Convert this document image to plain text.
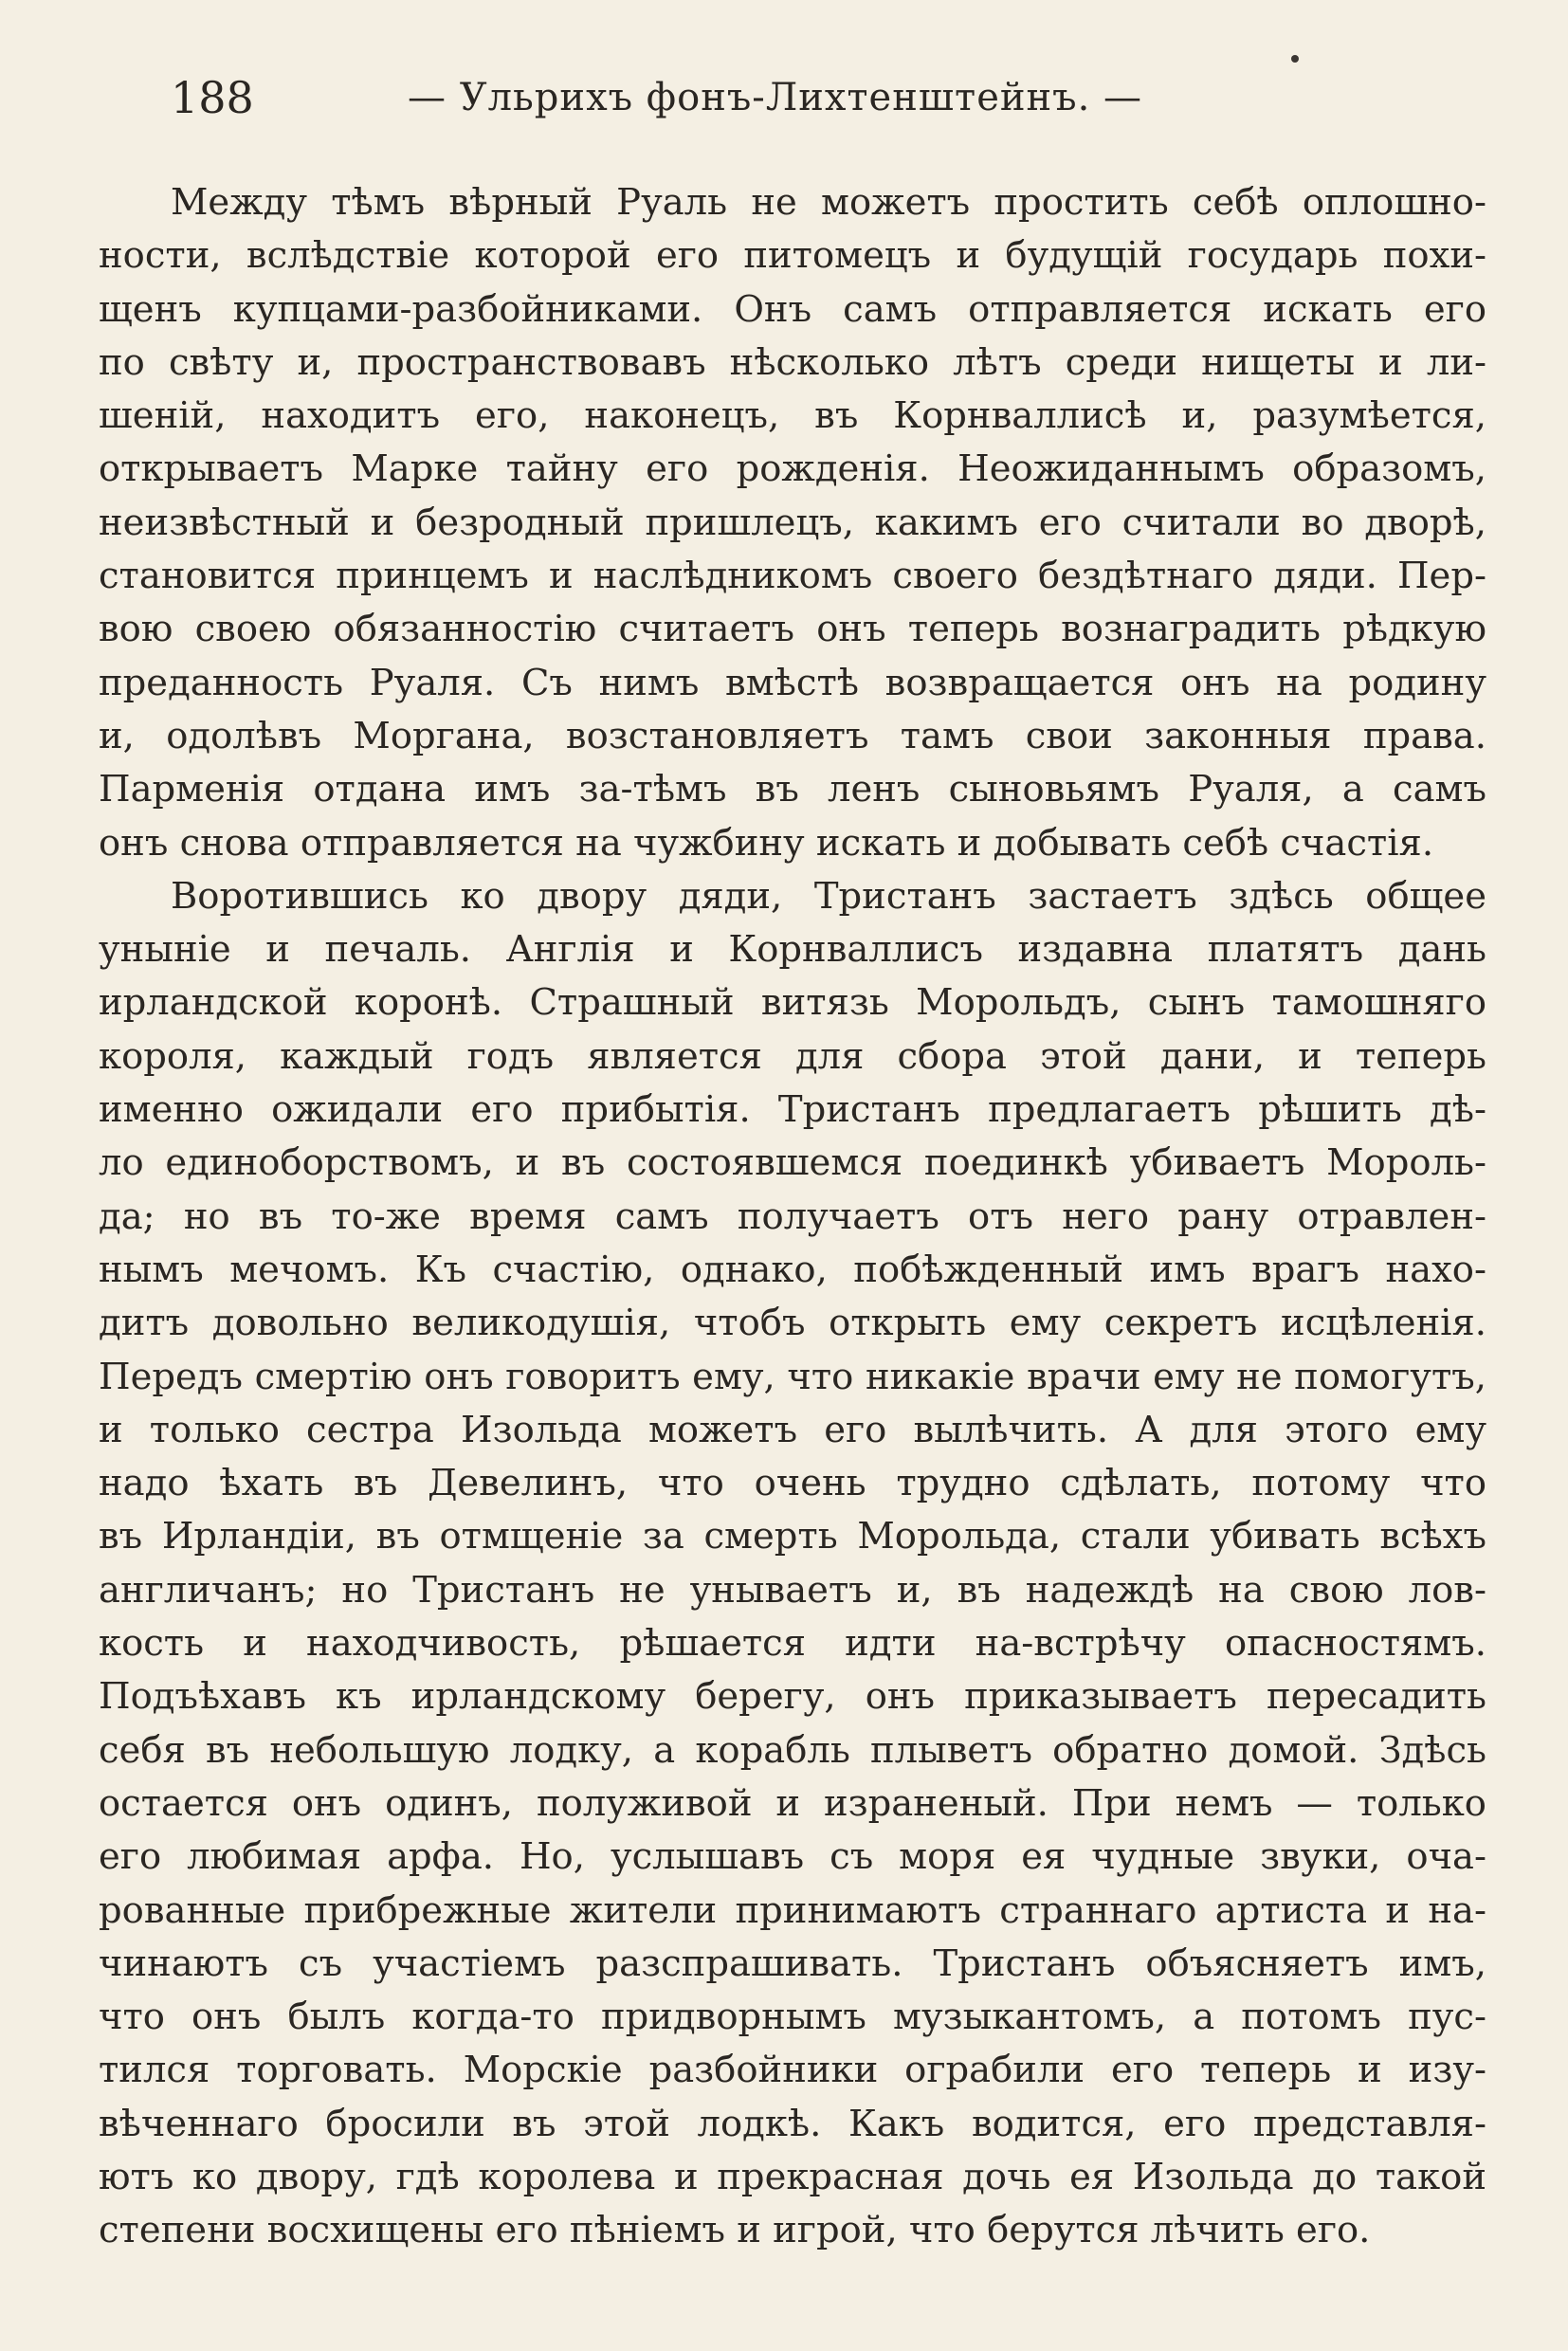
188	— Ульрихъ фонъ-Лихтенштейнъ. —
Между тѣмъ вѣрный Руаль не можетъ простить себѣ оплошно-
ности, вслѣдствіе которой его питомецъ и будущій государь похи-
щенъ купцами-разбойниками. Онъ самъ отправляется искать его
по свѣту и, пространствовавъ нѣсколько лѣтъ среди нищеты и ли-
шеній, находитъ его, наконецъ, въ Корнваллисѣ и, разумѣется,
открываетъ Марке тайну его рожденія. Неожиданнымъ образомъ,
неизвѣстный и безродный пришлецъ, какимъ его считали во дворѣ,
становится принцемъ и наслѣдникомъ своего бездѣтнаго дяди. Пер-
вою своею обязанностію считаетъ онъ теперь вознаградить рѣдкую
преданность Руаля. Съ нимъ вмѣстѣ возвращается онъ на родину
и, одолѣвъ Моргана, возстановляетъ тамъ свои законныя права.
Парменія отдана имъ за-тѣмъ въ ленъ сыновьямъ Руаля, а самъ
онъ снова отправляется на чужбину искать и добывать себѣ счастія.
Воротившись ко двору дяди, Тристанъ застаетъ здѣсь общее
уныніе и печаль. Англія и Корнваллисъ издавна платятъ дань
ирландской коронѣ. Страшный витязь Морольдъ, сынъ тамошняго
короля, каждый годъ является для сбора этой дани, и теперь
именно ожидали его прибытія. Тристанъ предлагаетъ рѣшить дѣ-
ло единоборствомъ, и въ состоявшемся поединкѣ убиваетъ Мороль-
да; но въ то-же время самъ получаетъ отъ него рану отравлен-
нымъ мечомъ. Къ счастію, однако, побѣжденный имъ врагъ нахо-
дитъ довольно великодушія, чтобъ открыть ему секретъ исцѣленія.
Передъ смертію онъ говоритъ ему, что никакіе врачи ему не помогутъ,
и только сестра Изольда можетъ его вылѣчить. А для этого ему
надо ѣхать въ Девелинъ, что очень трудно сдѣлать, потому что
въ Ирландіи, въ отмщеніе за смерть Морольда, стали убивать всѣхъ
англичанъ; но Тристанъ не унываетъ и, въ надеждѣ на свою лов-
кость и находчивость, рѣшается идти на-встрѣчу опасностямъ.
Подъѣхавъ къ ирландскому берегу, онъ приказываетъ пересадить
себя въ небольшую лодку, а корабль плыветъ обратно домой. Здѣсь
остается онъ одинъ, полуживой и израненый. При немъ — только
его любимая арфа. Но, услышавъ съ моря ея чудные звуки, оча-
рованные прибрежные жители принимаютъ страннаго артиста и на-
чинаютъ съ участіемъ разспрашивать. Тристанъ объясняетъ имъ,
что онъ былъ когда-то придворнымъ музыкантомъ, а потомъ пус-
тился торговать. Морскіе разбойники ограбили его теперь и изу-
вѣченнаго бросили въ этой лодкѣ. Какъ водится, его представля-
ютъ ко двору, гдѣ королева и прекрасная дочь ея Изольда до такой
степени восхищены его пѣніемъ и игрой, что берутся лѣчить его.
